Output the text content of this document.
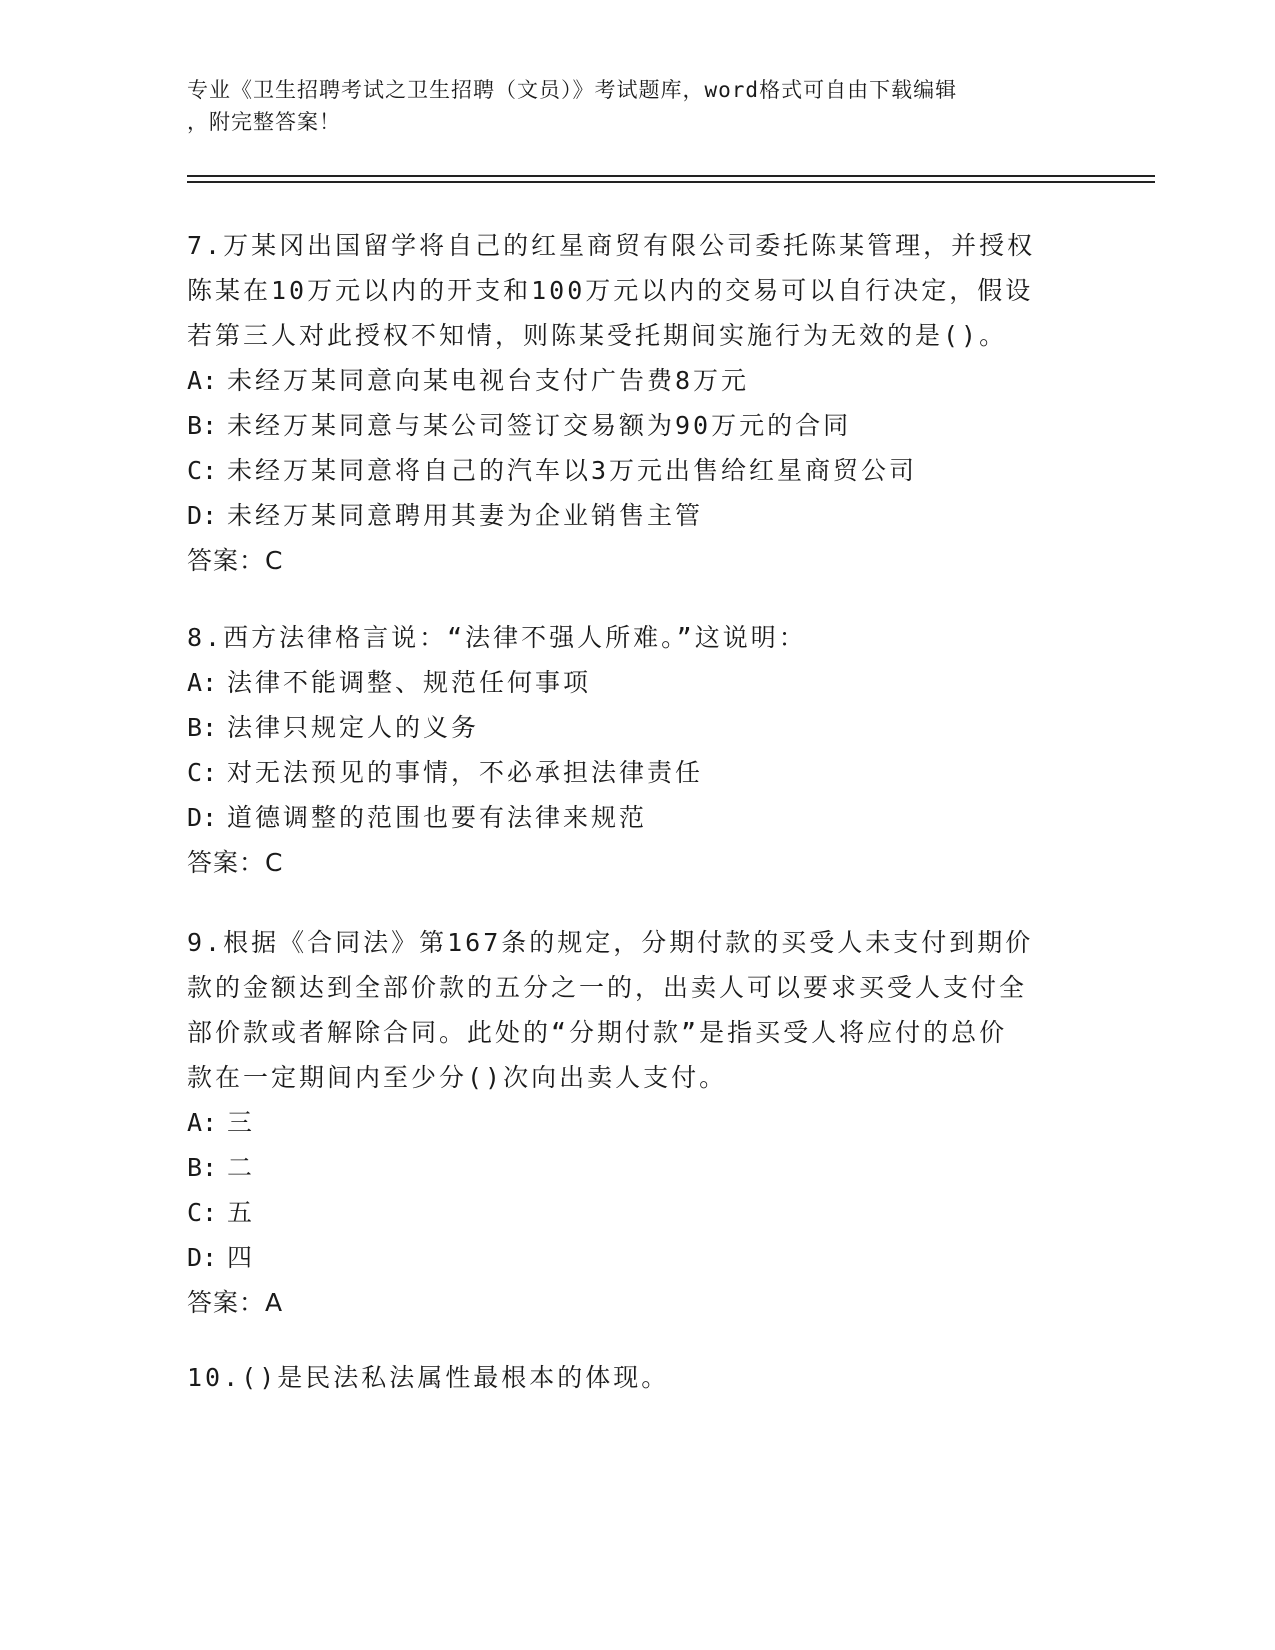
专业《卫生招聘考试之卫生招聘（文员）》考试题库，word格式可自由下载编辑
，附完整答案！
7.万某冈出国留学将自己的红星商贸有限公司委托陈某管理，并授权
陈某在10万元以内的开支和100万元以内的交易可以自行决定，假设
若第三人对此授权不知情，则陈某受托期间实施行为无效的是()。
A: 未经万某同意向某电视台支付广告费8万元
B: 未经万某同意与某公司签订交易额为90万元的合同
C: 未经万某同意将自己的汽车以3万元出售给红星商贸公司
D: 未经万某同意聘用其妻为企业销售主管
答案：C
8.西方法律格言说：“法律不强人所难。”这说明：
A: 法律不能调整、规范任何事项
B: 法律只规定人的义务
C: 对无法预见的事情，不必承担法律责任
D: 道德调整的范围也要有法律来规范
答案：C
9.根据《合同法》第167条的规定，分期付款的买受人未支付到期价
款的金额达到全部价款的五分之一的，出卖人可以要求买受人支付全
部价款或者解除合同。此处的“分期付款”是指买受人将应付的总价
款在一定期间内至少分()次向出卖人支付。
A: 三
B: 二
C: 五
D: 四
答案：A
10.()是民法私法属性最根本的体现。
